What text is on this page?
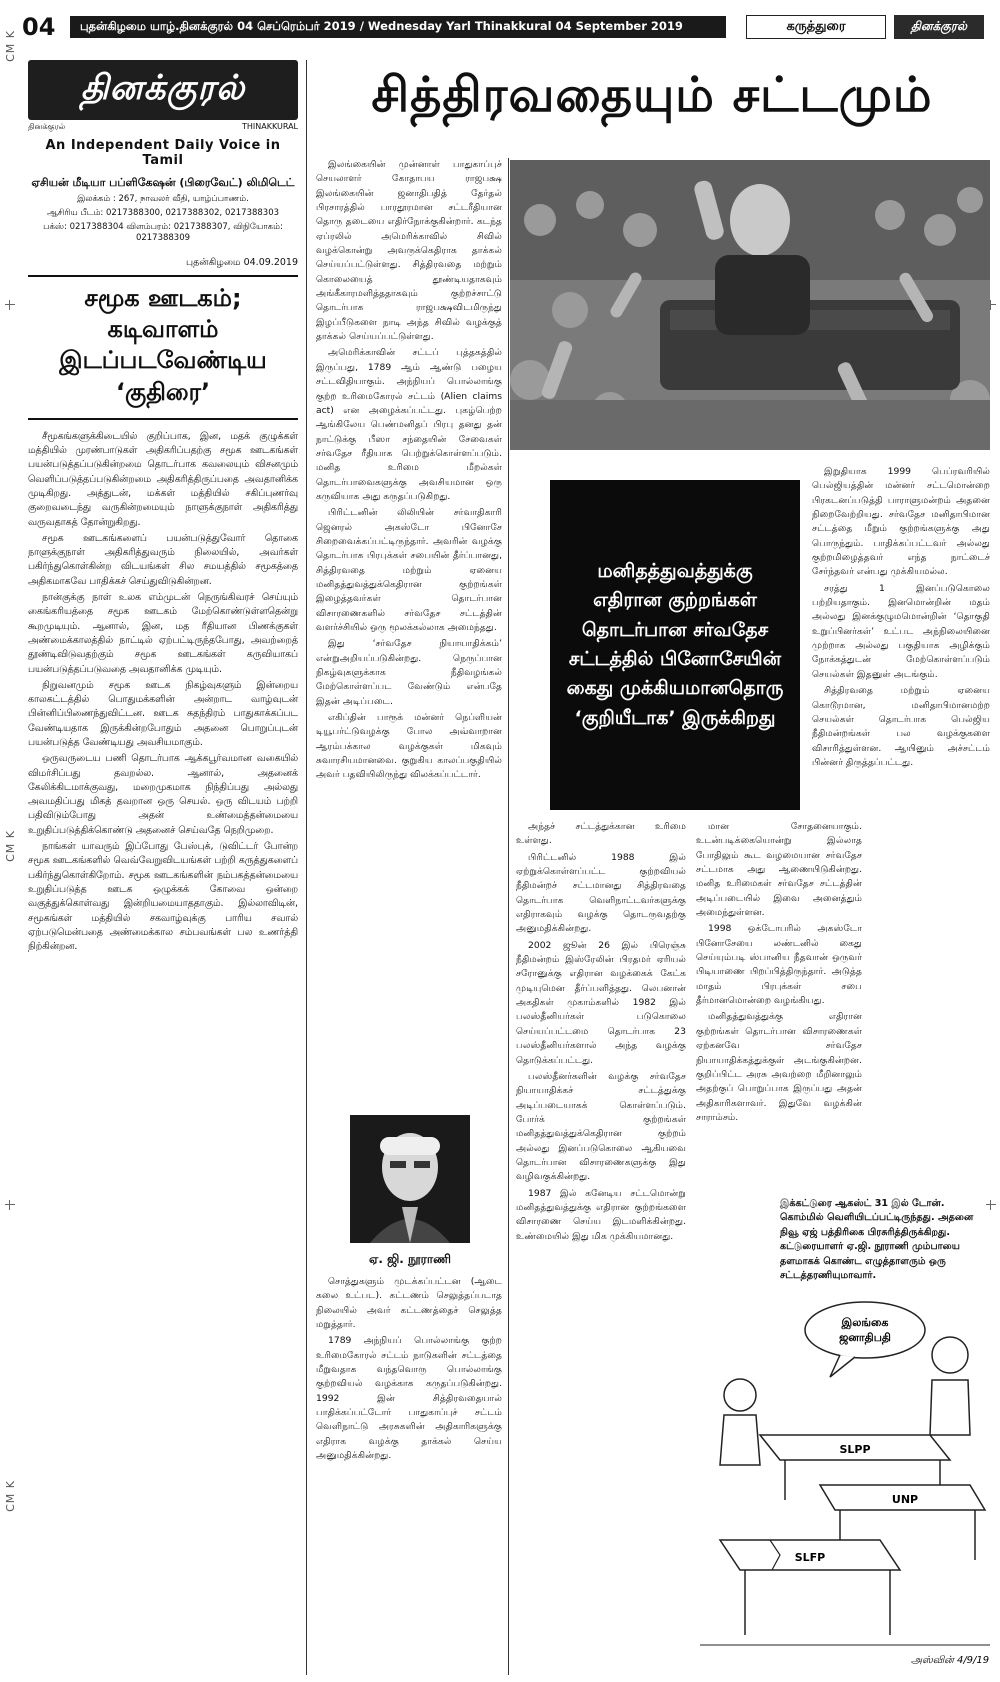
CM K
CM K
CM K
04	புதன்கிழமை யாழ்.தினக்குரல் 04 செப்ரெம்பர் 2019 / Wednesday Yarl Thinakkural 04 September 2019	கருத்துரை	தினக்குரல்
தினக்குரல்
தினக்குரல்	THINAKKURAL
An Independent Daily Voice in Tamil
ஏசியன் மீடியா பப்ளிகேஷன் (பிரைவேட்) லிமிடெட்
இலக்கம் : 267, நாவலர் வீதி, யாழ்ப்பாணம்.
ஆசிரிய பீடம்: 0217388300, 0217388302, 0217388303
பக்ஸ்: 0217388304 விளம்பரம்: 0217388307, விநியோகம்: 0217388309
புதன்கிழமை 04.09.2019
சமூக ஊடகம்; கடிவாளம் இடப்படவேண்டிய ‘குதிரை’

சீமூகங்களுக்கிடையில் குறிப்பாக, இன, மதக் குழுக்கள் மத்தியில் முரண்பாடுகள் அதிகரிப்பதற்கு சமூக ஊடகங்கள் பயன்படுத்தப்படுகின்றமை தொடர்பாக கவலையும் விசனமும் வெளிப்படுத்தப்படுகின்றமை அதிகரித்திருப்பதை அவதானிக்க முடிகிறது. அத்துடன், மக்கள் மத்தியில் சகிப்புணர்வு குறைவடைந்து வருகின்றமையும் நாளுக்குநாள் அதிகரித்து வருவதாகத் தோன்றுகிறது.

சமூக ஊடகங்களைப் பயன்படுத்துவோர் தொகை நாளுக்குநாள் அதிகரித்துவரும் நிலையில், அவர்கள் பகிர்ந்துகொள்கின்ற விடயங்கள் சில சமயத்தில் சமூகத்தை அதிகமாகவே பாதிக்கச் செய்துவிடுகின்றன.

நான்குக்கு நாள் உலக எம்முடன் நெருங்கிவரச் செய்யும் கைங்கரியத்தை சமூக ஊடகம் மேற்கொண்டுள்ளதென்று கூறமுடியும். ஆனால், இன, மத ரீதியான பிணக்குகள் அண்மைக்காலத்தில் நாட்டில் ஏற்பட்டிருந்தபோது, அவற்றைத் தூண்டிவிடுவதற்கும் சமூக ஊடகங்கள் கருவியாகப் பயன்படுத்தப்படுவதை அவதானிக்க முடியும்.

நிறுவனமும் சமூக ஊடக நிகழ்வுகளும் இன்றைய காலகட்டத்தில் பொதுமக்களின் அன்றாட வாழ்வுடன் பின்னிப்பிணைந்துவிட்டன. ஊடக சுதந்திரம் பாதுகாக்கப்பட வேண்டியதாக இருக்கின்றபோதும் அதனை பொறுப்புடன் பயன்படுத்த வேண்டியது அவசியமாகும்.

ஒருவருடைய பணி தொடர்பாக ஆக்கபூர்வமான வகையில் விமர்சிப்பது தவறல்ல. ஆனால், அதனைக் கேலிக்கிடமாக்குவது, மறைமுகமாக நிந்திப்பது அல்லது அவமதிப்பது மிகத் தவறான ஒரு செயல். ஒரு விடயம் பற்றி பதிவிடும்போது அதன் உண்மைத்தன்மையை உறுதிப்படுத்திக்கொண்டு அதனைச் செய்வதே நெறிமுறை.

நாங்கள் யாவரும் இப்போது பேஸ்புக், டுவிட்டர் போன்ற சமூக ஊடகங்களில் வெவ்வேறுவிடயங்கள் பற்றி கருத்துகளைப் பகிர்ந்துகொள்கிறோம். சமூக ஊடகங்களின் நம்பகத்தன்மையை உறுதிப்படுத்த ஊடக ஒழுக்கக் கோவை ஒன்றை வகுத்துக்கொள்வது இன்றியமையாததாகும். இல்லாவிடின், சமூகங்கள் மத்தியில் சகவாழ்வுக்கு பாரிய சவால் ஏற்படுமென்பதை அண்மைக்கால சம்பவங்கள் பல உணர்த்தி நிற்கின்றன.

சித்திரவதையும் சட்டமும்

இலங்கையின் முன்னாள் பாதுகாப்புச் செயலாளர் கோதாபய ராஜபக்ஷ இலங்கையின் ஜனாதிபதித் தேர்தல் பிரசாரத்தில் பாரதூரமான சட்டரீதியான தொரு தடையை எதிர்நோக்குகின்றார். கடந்த ஏப்ரலில் அமெரிக்காவில் சிவில் வழக்கொன்று அவருக்கெதிராக தாக்கல் செய்யப்பட்டுள்ளது. சித்திரவதை மற்றும் கொலையைத் தூண்டியதாகவும் அங்கீகாரமளித்ததாகவும் குற்றச்சாட்டு தொடர்பாக ராஜபக்ஷவிடமிருந்து இழப்பீடுகளை நாடி அந்த சிவில் வழக்குத் தாக்கல் செய்யப்பட்டுள்ளது.

அமெரிக்காவின் சட்டப் புத்தகத்தில் இருப்பது, 1789 ஆம் ஆண்டு பழைய சட்டவிதியாகும். அந்நியப் பொல்லாங்கு குற்ற உரிமைகோரல் சட்டம் (Alien claims act) என அழைக்கப்பட்டது. புகழ்பெற்ற ஆங்கிலேய பெண்மனிதப் பிரபு தனது தன் நாட்டுக்கு பீஸா சந்தையின் சேவைகள் சர்வதேச ரீதியாக பெற்றுக்கொள்ளப்படும். மனித உரிமை மீறல்கள் தொடர்பாவைகளுக்கு அவசியமான ஒரு கருவியாக அது கருதப்படுகிறது.

பிரிட்டனின் லிலியின் சர்வாதிகாரி ஜெனரல் அகஸ்டோ பினோசே சிறைவைக்கப்பட்டிருந்தார். அவரின் வழக்கு தொடர்பாக பிரபுக்கள் சபையின் தீர்ப்பானது, சித்திரவதை மற்றும் ஏனைய மனிதத்துவத்துக்கெதிரான குற்றங்கள் இழைத்தவர்கள் தொடர்பான விசாரணைகளில் சர்வதேச சட்டத்தின் வளர்ச்சியில் ஒரு மூலக்கல்லாக அமைந்தது.

இது ‘சர்வதேச நியாயாதிக்கம்’ என்றுஅறியப்படுகின்றது. நெருப்பான நிகழ்வுகளுக்காக நீதிவழங்கல் மேற்கொள்ளப்பட வேண்டும் என்பதே இதன் அடிப்படை.

எகிப்தின் பாரூக் மன்னர் நெப்ளியன் டியூபர்ட்டுவழக்கு போல அவ்வாறான ஆரம்பக்கால வழக்குகள் மிகவும் சுவாரசியமானவை. குறுகிய காலப்பகுதியில் அவர் பதவியிலிருந்து விலக்கப்பட்டார்.

மனிதத்துவத்துக்கு எதிரான குற்றங்கள் தொடர்பான சர்வதேச சட்டத்தில் பினோசேயின் கைது முக்கியமானதொரு ‘குறியீடாக’ இருக்கிறது

இறுதியாக 1999 பெப்ரவரியில் பெல்ஜியத்தின் மன்னர் சட்டமொன்றை பிரகடனப்படுத்தி பாராளுமன்றம் அதனை நிறைவேற்றியது. சர்வதேச மனிதாபிமான சட்டத்தை மீறும் குற்றங்களுக்கு அது பொருந்தும். பாதிக்கப்பட்டவர் அல்லது குற்றமிழைத்தவர் எந்த நாட்டைச் சேர்ந்தவர் என்பது முக்கியமல்ல.

சரத்து 1 இனப்படுகொலை பற்றியதாகும். இனமொன்றின் மதம் அல்லது இனக்குழுமமொன்றின் ‘தொகுதி உறுப்பினர்கள்’ உட்பட அந்நிலையினை முற்றாக அல்லது பகுதியாக அழிக்கும் நோக்கத்துடன் மேற்கொள்ளப்படும் செயல்கள் இதனுள் அடங்கும்.

சித்திரவதை மற்றும் ஏனைய கொடூரமான, மனிதாபிமானமற்ற செயல்கள் தொடர்பாக பெல்ஜிய நீதிமன்றங்கள் பல வழக்குகளை விசாரித்துள்ளன. ஆயினும் அச்சட்டம் பின்னர் திருத்தப்பட்டது.

அந்தச் சட்டத்துக்கான உரிமை உள்ளது.

பிரிட்டனில் 1988 இல் ஏற்றுக்கொள்ளப்பட்ட குற்றவியல் நீதிமன்றச் சட்டமானது சித்திரவதை தொடர்பாக வெளிநாட்டவர்களுக்கு எதிராகவும் வழக்கு தொடருவதற்கு அனுமதிக்கின்றது.

2002 ஜூன் 26 இல் பிரெஞ்சு நீதிமன்றம் இஸ்ரேலின் பிரதமர் ஏரியல் சரோனுக்கு எதிரான வழக்கைக் கேட்க முடியுமென தீர்ப்பளித்தது. லெபனான் அகதிகள் முகாம்களில் 1982 இல் பலஸ்தீனியர்கள் படுகொலை செய்யப்பட்டமை தொடர்பாக 23 பலஸ்தீனியர்களால் அந்த வழக்கு தொடுக்கப்பட்டது.

பலஸ்தீனர்களின் வழக்கு சர்வதேச நியாயாதிக்கச் சட்டத்துக்கு அடிப்படையாகக் கொள்ளப்படும். போர்க் குற்றங்கள் மனிதத்துவத்துக்கெதிரான குற்றம் அல்லது இனப்படுகொலை ஆகியவை தொடர்பான விசாரணைகளுக்கு இது வழிவகுக்கின்றது.

1987 இல் கனேடிய சட்டமொன்று மனிதத்துவத்துக்கு எதிரான குற்றங்களை விசாரணை செய்ய இடமளிக்கின்றது. உண்மையில் இது மிக முக்கியமானது.

மான சோதனையாகும். உடன்படிக்கையொன்று இல்லாத போதிலும் கூட வழமையான சர்வதேச சட்டமாக அது ஆணையிடுகின்றது. மனித உரிமைகள் சர்வதேச சட்டத்தின் அடிப்படையில் இவை அனைத்தும் அமைந்துள்ளன.

1998 ஒக்டோபரில் அகஸ்டோ பினோசேயை லண்டனில் கைது செய்யும்படி ஸ்பானிய நீதவான் ஒருவர் பிடியாணை பிறப்பித்திருந்தார். அடுத்த மாதம் பிரபுக்கள் சபை தீர்மானமொன்றை வழங்கியது.

மனிதத்துவத்துக்கு எதிரான குற்றங்கள் தொடர்பான விசாரணைகள் ஏற்கனவே சர்வதேச நியாயாதிக்கத்துக்குள் அடங்குகின்றன. குறிப்பிட்ட அரசு அவற்றை மீறினாலும் அதற்குப் பொறுப்பாக இருப்பது அதன் அதிகாரிகளாவர். இதுவே வழக்கின் சாராம்சம்.

ஏ. ஜி. நூராணி

சொத்துகளும் முடக்கப்பட்டன (ஆடை கலை உட்பட). கட்டணம் செலுத்தப்படாத நிலையில் அவர் கட்டணத்தைச் செலுத்த மறுத்தார்.

1789 அந்நியப் பொல்லாங்கு குற்ற உரிமைகோரல் சட்டம் நாடுகளின் சட்டத்தை மீறுவதாக வந்தவொரு பொல்லாங்கு குற்றவியல் வழக்காக கருதப்படுகின்றது. 1992 இன் சித்திரவதையால் பாதிக்கப்பட்டோர் பாதுகாப்புச் சட்டம் வெளிநாட்டு அரசுகளின் அதிகாரிகளுக்கு எதிராக வழக்கு தாக்கல் செய்ய அனுமதிக்கின்றது.

இக்கட்டுரை ஆகஸ்ட் 31 இல் டோன். கொம்மில் வெளியிடப்பட்டிருந்தது. அதனை நிவூ ஏஜ் பத்திரிகை பிரசுரித்திருக்கிறது. கட்டுரையாளர் ஏ.ஜி. நூராணி மும்பாயை தளமாகக் கொண்ட எழுத்தாளரும் ஒரு சட்டத்தரணியுமாவார்.
இலங்கை
ஜனாதிபதி
SLPP
UNP
SLFP
அஸ்வின் 4/9/19
